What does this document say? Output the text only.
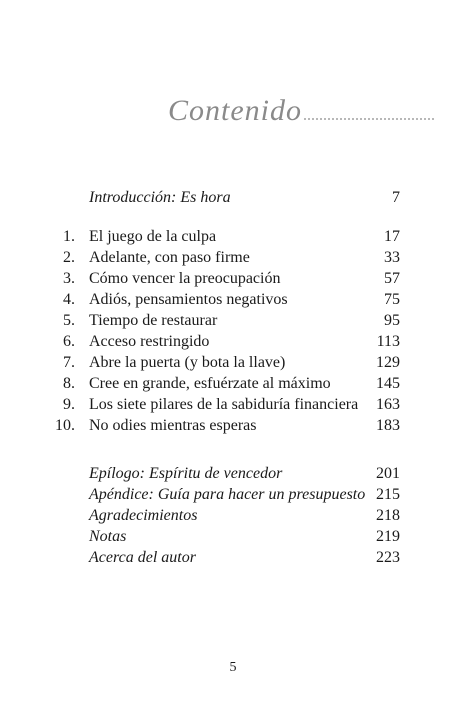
Contenido
Introducción: Es hora	7
1. El juego de la culpa	17
2. Adelante, con paso firme	33
3. Cómo vencer la preocupación	57
4. Adiós, pensamientos negativos	75
5. Tiempo de restaurar	95
6. Acceso restringido	113
7. Abre la puerta (y bota la llave)	129
8. Cree en grande, esfuérzate al máximo	145
9. Los siete pilares de la sabiduría financiera 163
10. No odies mientras esperas	183
Epílogo: Espíritu de vencedor	201
Apéndice: Guía para hacer un presupuesto 215
Agradecimientos	218
Notas	219
Acerca del autor	223
5
